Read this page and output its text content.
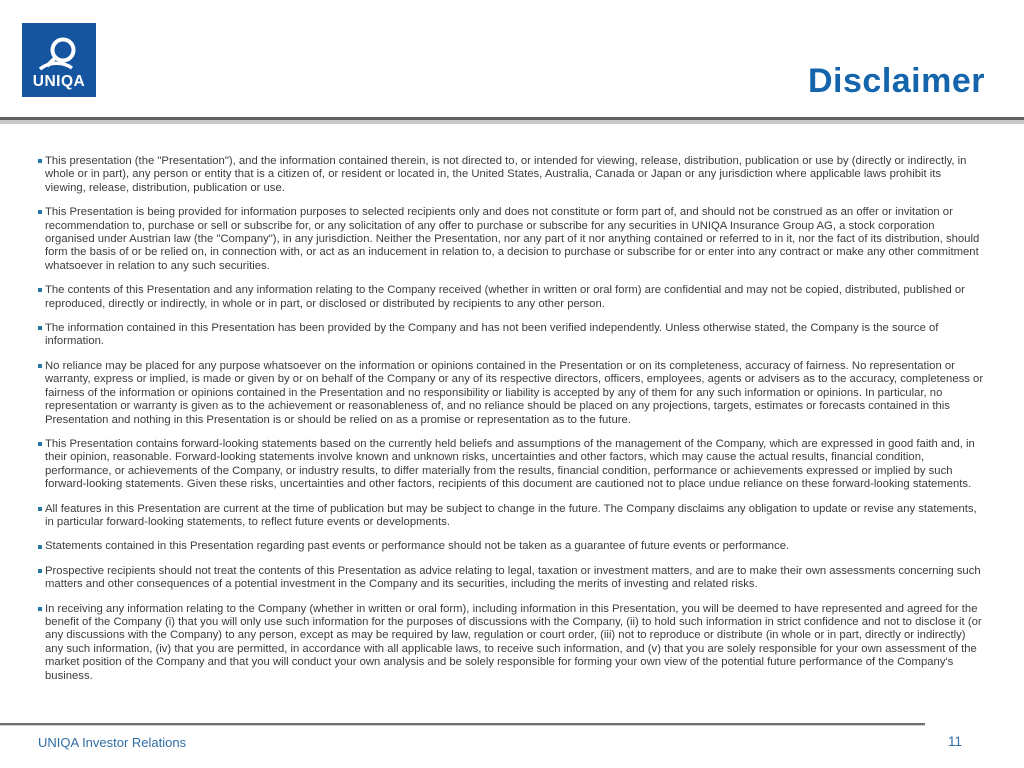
UNIQA	Disclaimer
This presentation (the "Presentation"), and the information contained therein, is not directed to, or intended for viewing, release, distribution, publication or use by (directly or indirectly, in whole or in part), any person or entity that is a citizen of, or resident or located in, the United States, Australia, Canada or Japan or any jurisdiction where applicable laws prohibit its viewing, release, distribution, publication or use.
This Presentation is being provided for information purposes to selected recipients only and does not constitute or form part of, and should not be construed as an offer or invitation or recommendation to, purchase or sell or subscribe for, or any solicitation of any offer to purchase or subscribe for any securities in UNIQA Insurance Group AG, a stock corporation organised under Austrian law (the "Company"), in any jurisdiction. Neither the Presentation, nor any part of it nor anything contained or referred to in it, nor the fact of its distribution, should form the basis of or be relied on, in connection with, or act as an inducement in relation to, a decision to purchase or subscribe for or enter into any contract or make any other commitment whatsoever in relation to any such securities.
The contents of this Presentation and any information relating to the Company received (whether in written or oral form) are confidential and may not be copied, distributed, published or reproduced, directly or indirectly, in whole or in part, or disclosed or distributed by recipients to any other person.
The information contained in this Presentation has been provided by the Company and has not been verified independently. Unless otherwise stated, the Company is the source of information.
No reliance may be placed for any purpose whatsoever on the information or opinions contained in the Presentation or on its completeness, accuracy of fairness. No representation or warranty, express or implied, is made or given by or on behalf of the Company or any of its respective directors, officers, employees, agents or advisers as to the accuracy, completeness or fairness of the information or opinions contained in the Presentation and no responsibility or liability is accepted by any of them for any such information or opinions. In particular, no representation or warranty is given as to the achievement or reasonableness of, and no reliance should be placed on any projections, targets, estimates or forecasts contained in this Presentation and nothing in this Presentation is or should be relied on as a promise or representation as to the future.
This Presentation contains forward-looking statements based on the currently held beliefs and assumptions of the management of the Company, which are expressed in good faith and, in their opinion, reasonable. Forward-looking statements involve known and unknown risks, uncertainties and other factors, which may cause the actual results, financial condition, performance, or achievements of the Company, or industry results, to differ materially from the results, financial condition, performance or achievements expressed or implied by such forward-looking statements. Given these risks, uncertainties and other factors, recipients of this document are cautioned not to place undue reliance on these forward-looking statements.
All features in this Presentation are current at the time of publication but may be subject to change in the future. The Company disclaims any obligation to update or revise any statements, in particular forward-looking statements, to reflect future events or developments.
Statements contained in this Presentation regarding past events or performance should not be taken as a guarantee of future events or performance.
Prospective recipients should not treat the contents of this Presentation as advice relating to legal, taxation or investment matters, and are to make their own assessments concerning such matters and other consequences of a potential investment in the Company and its securities, including the merits of investing and related risks.
In receiving any information relating to the Company (whether in written or oral form), including information in this Presentation, you will be deemed to have represented and agreed for the benefit of the Company (i) that you will only use such information for the purposes of discussions with the Company, (ii) to hold such information in strict confidence and not to disclose it (or any discussions with the Company) to any person, except as may be required by law, regulation or court order, (iii) not to reproduce or distribute (in whole or in part, directly or indirectly) any such information, (iv) that you are permitted, in accordance with all applicable laws, to receive such information, and (v) that you are solely responsible for your own assessment of the market position of the Company and that you will conduct your own analysis and be solely responsible for forming your own view of the potential future performance of the Company's business.
UNIQA Investor Relations	11
